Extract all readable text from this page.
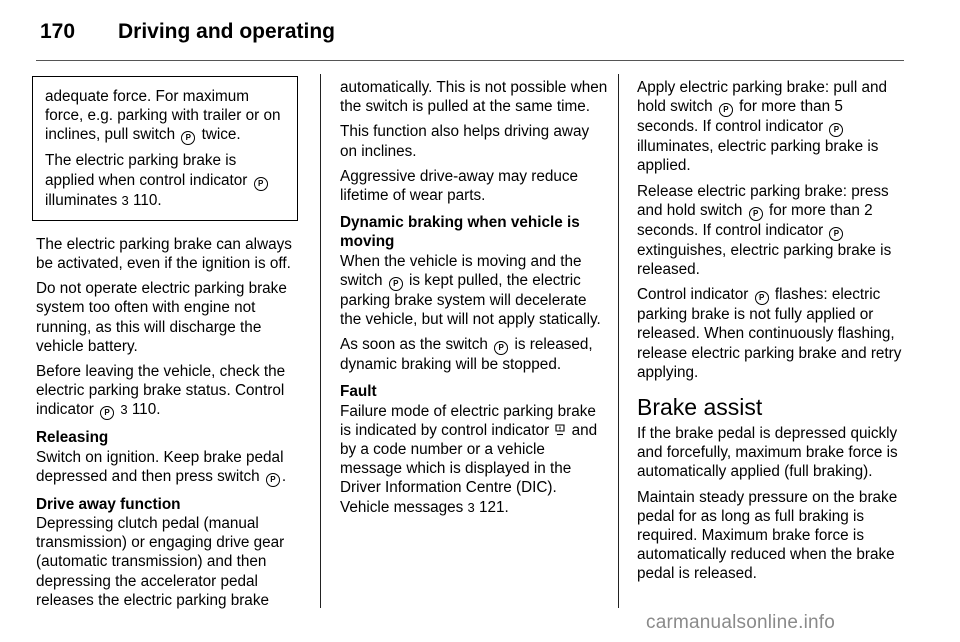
170 Driving and operating

adequate force. For maximum force, e.g. parking with trailer or on inclines, pull switch P twice.

The electric parking brake is applied when control indicator P illuminates 3 110.

The electric parking brake can always be activated, even if the ignition is off.

Do not operate electric parking brake system too often with engine not running, as this will discharge the vehicle battery.

Before leaving the vehicle, check the electric parking brake status. Control indicator P 3 110.

Releasing

Switch on ignition. Keep brake pedal depressed and then press switch P .

Drive away function

Depressing clutch pedal (manual transmission) or engaging drive gear (automatic transmission) and then depressing the accelerator pedal releases the electric parking brake

automatically. This is not possible when the switch is pulled at the same time.

This function also helps driving away on inclines.

Aggressive drive-away may reduce lifetime of wear parts.

Dynamic braking when vehicle is moving

When the vehicle is moving and the switch P is kept pulled, the electric parking brake system will decelerate the vehicle, but will not apply statically.

As soon as the switch P is released, dynamic braking will be stopped.

Fault

Failure mode of electric parking brake is indicated by control indicator and by a code number or a vehicle message which is displayed in the Driver Information Centre (DIC). Vehicle messages 3 121.

Apply electric parking brake: pull and hold switch P for more than 5 seconds. If control indicator P illuminates, electric parking brake is applied.

Release electric parking brake: press and hold switch P for more than 2 seconds. If control indicator P extinguishes, electric parking brake is released.

Control indicator P flashes: electric parking brake is not fully applied or released. When continuously flashing, release electric parking brake and retry applying.

Brake assist

If the brake pedal is depressed quickly and forcefully, maximum brake force is automatically applied (full braking).

Maintain steady pressure on the brake pedal for as long as full braking is required. Maximum brake force is automatically reduced when the brake pedal is released.

carmanualsonline.info
